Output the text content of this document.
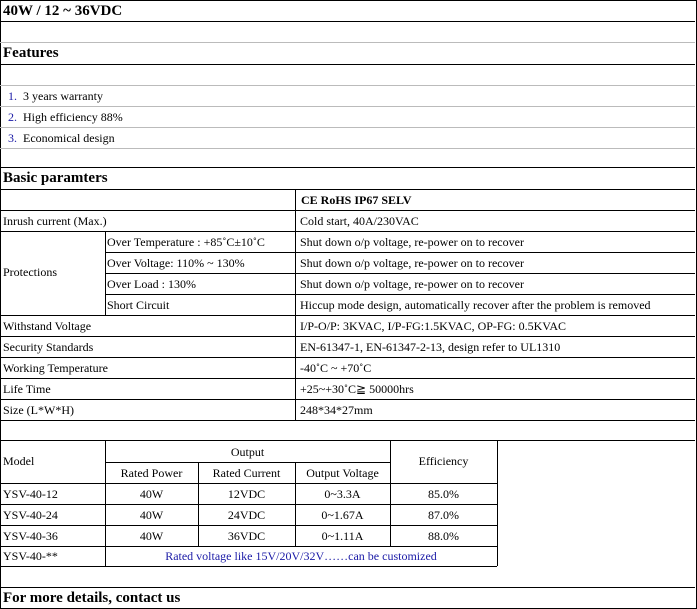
40W / 12 ~ 36VDC
Features
1. 3 years warranty
2. High efficiency 88%
3. Economical design
Basic paramters
CE RoHS IP67 SELV
Inrush current (Max.)	Cold start, 40A/230VAC
Protections
Over Temperature : +85˚C±10˚C	Shut down o/p voltage, re-power on to recover
Over Voltage: 110% ~ 130%	Shut down o/p voltage, re-power on to recover
Over Load : 130%	Shut down o/p voltage, re-power on to recover
Short Circuit	Hiccup mode design, automatically recover after the problem is removed
Withstand Voltage	I/P-O/P: 3KVAC, I/P-FG:1.5KVAC, OP-FG: 0.5KVAC
Security Standards	EN-61347-1, EN-61347-2-13, design refer to UL1310
Working Temperature	-40˚C ~ +70˚C
Life Time	+25~+30˚C≧ 50000hrs
Size (L*W*H)	248*34*27mm
Model
Output
Efficiency
Rated Power	Rated Current	Output Voltage
YSV-40-12	40W	12VDC	0~3.3A	85.0%
YSV-40-24	40W	24VDC	0~1.67A	87.0%
YSV-40-36	40W	36VDC	0~1.11A	88.0%
YSV-40-**	Rated voltage like 15V/20V/32V……can be customized
For more details, contact us
